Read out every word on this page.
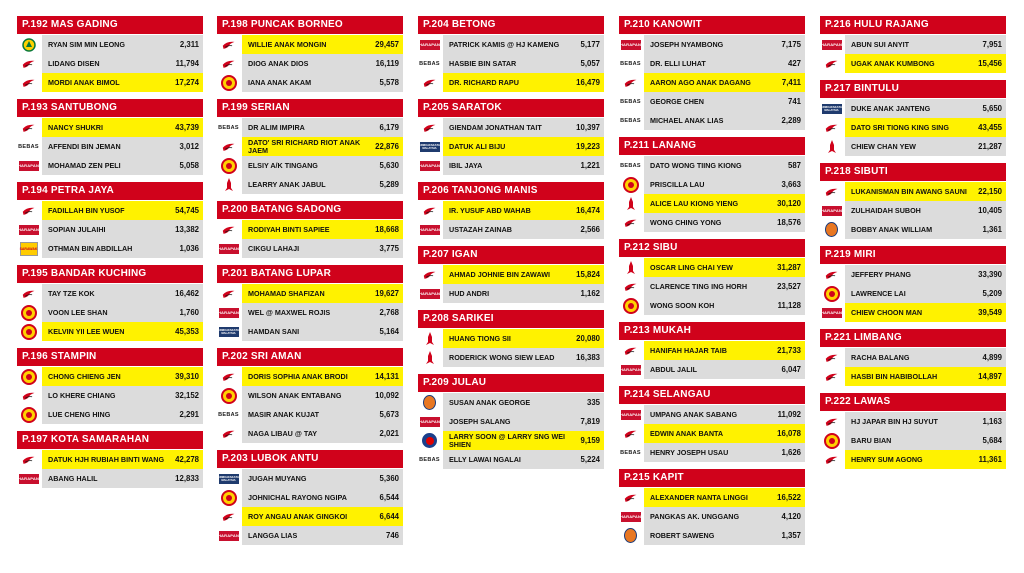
P.192 MAS GADING
RYAN SIM MIN LEONG	2,311
LIDANG DISEN	11,794
MORDI ANAK BIMOL	17,274
P.193 SANTUBONG
NANCY SHUKRI	43,739
BEBAS	AFFENDI BIN JEMAN	3,012
HARAPAN	MOHAMAD ZEN PELI	5,058
P.194 PETRA JAYA
FADILLAH BIN YUSOF	54,745
HARAPAN	SOPIAN JULAIHI	13,382
SARAWAK	OTHMAN BIN ABDILLAH	1,036
P.195 BANDAR KUCHING
TAY TZE KOK	16,462
VOON LEE SHAN	1,760
KELVIN YII LEE WUEN	45,353
P.196 STAMPIN
CHONG CHIENG JEN	39,310
LO KHERE CHIANG	32,152
LUE CHENG HING	2,291
P.197 KOTA SAMARAHAN
DATUK HJH RUBIAH BINTI WANG	42,278
HARAPAN	ABANG HALIL	12,833
P.198 PUNCAK BORNEO
WILLIE ANAK MONGIN	29,457
DIOG ANAK DIOS	16,119
IANA ANAK AKAM	5,578
P.199 SERIAN
BEBAS	DR ALIM IMPIRA	6,179
DATO' SRI RICHARD RIOT ANAK JAEM	22,876
ELSIY A/K TINGANG	5,630
LEARRY ANAK JABUL	5,289
P.200 BATANG SADONG
RODIYAH BINTI SAPIEE	18,668
HARAPAN	CIKGU LAHAJI	3,775
P.201 BATANG LUPAR
MOHAMAD SHAFIZAN	19,627
HARAPAN	WEL @ MAXWEL ROJIS	2,768
PERMUAFAKATAN MALAYSIA	HAMDAN SANI	5,164
P.202 SRI AMAN
DORIS SOPHIA ANAK BRODI	14,131
WILSON ANAK ENTABANG	10,092
BEBAS	MASIR ANAK KUJAT	5,673
NAGA LIBAU @ TAY	2,021
P.203 LUBOK ANTU
PERMUAFAKATAN MALAYSIA	JUGAH MUYANG	5,360
JOHNICHAL RAYONG NGIPA	6,544
ROY ANGAU ANAK GINGKOI	6,644
HARAPAN	LANGGA LIAS	746
P.204 BETONG
HARAPAN	PATRICK KAMIS @ HJ KAMENG	5,177
BEBAS	HASBIE BIN SATAR	5,057
DR. RICHARD RAPU	16,479
P.205 SARATOK
GIENDAM JONATHAN TAIT	10,397
PERMUAFAKATAN MALAYSIA	DATUK ALI BIJU	19,223
HARAPAN	IBIL JAYA	1,221
P.206 TANJONG MANIS
IR. YUSUF ABD WAHAB	16,474
HARAPAN	USTAZAH ZAINAB	2,566
P.207 IGAN
AHMAD JOHNIE BIN ZAWAWI	15,824
HARAPAN	HUD ANDRI	1,162
P.208 SARIKEI
HUANG TIONG SII	20,080
RODERICK WONG SIEW LEAD	16,383
P.209 JULAU
SUSAN ANAK GEORGE	335
HARAPAN	JOSEPH SALANG	7,819
LARRY SOON @ LARRY SNG WEI SHIEN	9,159
BEBAS	ELLY LAWAI NGALAI	5,224
P.210 KANOWIT
HARAPAN	JOSEPH NYAMBONG	7,175
BEBAS	DR. ELLI LUHAT	427
AARON AGO ANAK DAGANG	7,411
BEBAS	GEORGE CHEN	741
BEBAS	MICHAEL ANAK LIAS	2,289
P.211 LANANG
BEBAS	DATO WONG TIING KIONG	587
PRISCILLA LAU	3,663
ALICE LAU KIONG YIENG	30,120
WONG CHING YONG	18,576
P.212 SIBU
OSCAR LING CHAI YEW	31,287
CLARENCE TING ING HORH	23,527
WONG SOON KOH	11,128
P.213 MUKAH
HANIFAH HAJAR TAIB	21,733
HARAPAN	ABDUL JALIL	6,047
P.214 SELANGAU
HARAPAN	UMPANG ANAK SABANG	11,092
EDWIN ANAK BANTA	16,078
BEBAS	HENRY JOSEPH USAU	1,626
P.215 KAPIT
ALEXANDER NANTA LINGGI	16,522
HARAPAN	PANGKAS AK. UNGGANG	4,120
ROBERT SAWENG	1,357
P.216 HULU RAJANG
HARAPAN	ABUN SUI ANYIT	7,951
UGAK ANAK KUMBONG	15,456
P.217 BINTULU
PERMUAFAKATAN MALAYSIA	DUKE ANAK JANTENG	5,650
DATO SRI TIONG KING SING	43,455
CHIEW CHAN YEW	21,287
P.218 SIBUTI
LUKANISMAN BIN AWANG SAUNI	22,150
HARAPAN	ZULHAIDAH SUBOH	10,405
BOBBY ANAK WILLIAM	1,361
P.219 MIRI
JEFFERY PHANG	33,390
LAWRENCE LAI	5,209
HARAPAN	CHIEW CHOON MAN	39,549
P.221 LIMBANG
RACHA BALANG	4,899
HASBI BIN HABIBOLLAH	14,897
P.222 LAWAS
HJ JAPAR BIN HJ SUYUT	1,163
BARU BIAN	5,684
HENRY SUM AGONG	11,361
